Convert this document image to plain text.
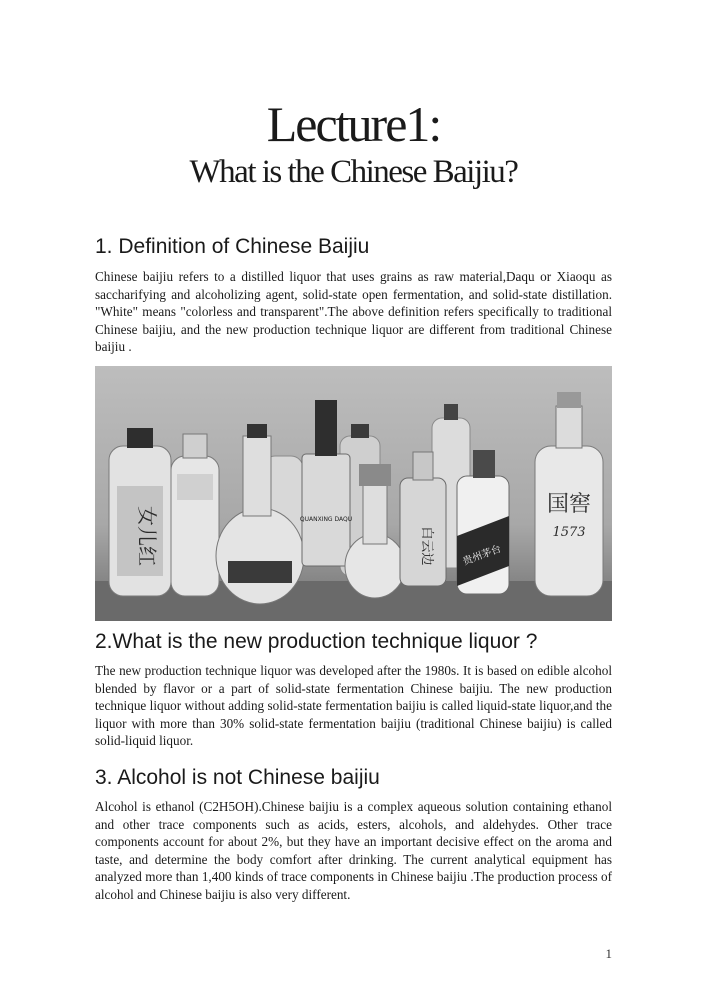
Lecture1:
What is the Chinese Baijiu?
1. Definition of Chinese Baijiu

Chinese baijiu refers to a distilled liquor that uses grains as raw material,Daqu or Xiaoqu as saccharifying and alcoholizing agent, solid-state open fermentation, and solid-state distillation. "White" means "colorless and transparent".The above definition refers specifically to traditional Chinese baijiu, and the new production technique liquor are different from traditional Chinese baijiu .

女儿红	QUANXING DAQU
白云边	贵州茅台
国窖
1573
2.What is the new production technique liquor ?

The new production technique liquor was developed after the 1980s. It is based on edible alcohol blended by flavor or a part of solid-state fermentation Chinese baijiu. The new production technique liquor without adding solid-state fermentation baijiu is called liquid-state liquor,and the liquor with more than 30% solid-state fermentation baijiu (traditional Chinese baijiu) is called solid-liquid liquor.

3. Alcohol is not Chinese baijiu

Alcohol is ethanol (C2H5OH).Chinese baijiu is a complex aqueous solution containing ethanol and other trace components such as acids, esters, alcohols, and aldehydes. Other trace components account for about 2%, but they have an important decisive effect on the aroma and taste, and determine the body comfort after drinking. The current analytical equipment has analyzed more than 1,400 kinds of trace components in Chinese baijiu .The production process of alcohol and Chinese baijiu is also very different.

1
